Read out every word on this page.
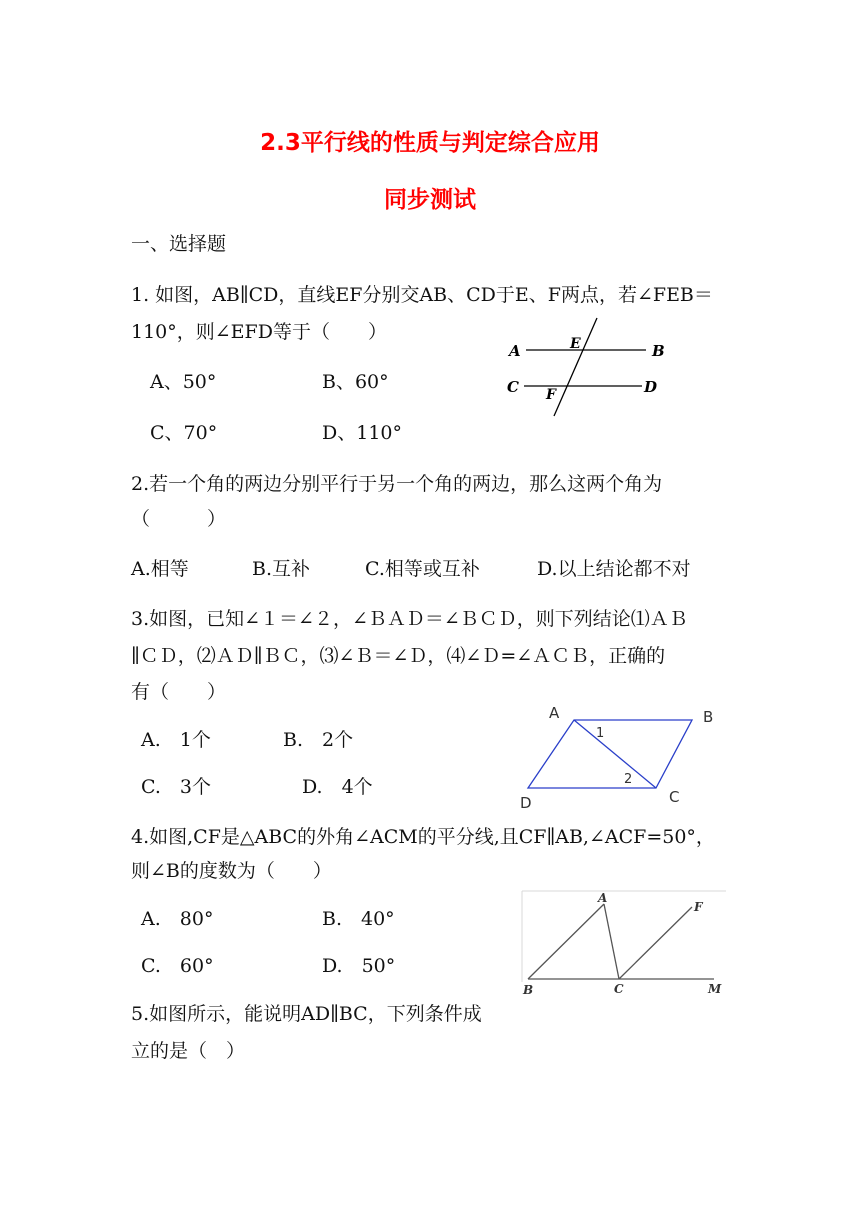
2.3平行线的性质与判定综合应用
同步测试
一、选择题
1. 如图，AB∥CD，直线EF分别交AB、CD于E、F两点，若∠FEB＝
110°，则∠EFD等于（　　）
A、50°	B、60°
C、70°	D、110°
A	B
C	D
E
F
2.若一个角的两边分别平行于另一个角的两边，那么这两个角为
（　　　）
A.相等	B.互补	C.相等或互补	D.以上结论都不对
3.如图，已知∠１＝∠２，∠ＢＡＤ＝∠ＢＣＤ，则下列结论⑴ＡＢ
∥ＣＤ，⑵ＡＤ∥ＢＣ，⑶∠Ｂ＝∠Ｄ，⑷∠Ｄ=∠ＡＣＢ，正确的
有（　　）
A.　1个	B.　2个
C.　3个	D.　4个
A	B
C
D
1
2
4.如图,CF是△ABC的外角∠ACM的平分线,且CF∥AB,∠ACF=50°，
则∠B的度数为（　　）
A.　80°	B.　40°
C.　60°	D.　50°
A
F
B	C	M
5.如图所示，能说明AD∥BC，下列条件成
立的是（　）
